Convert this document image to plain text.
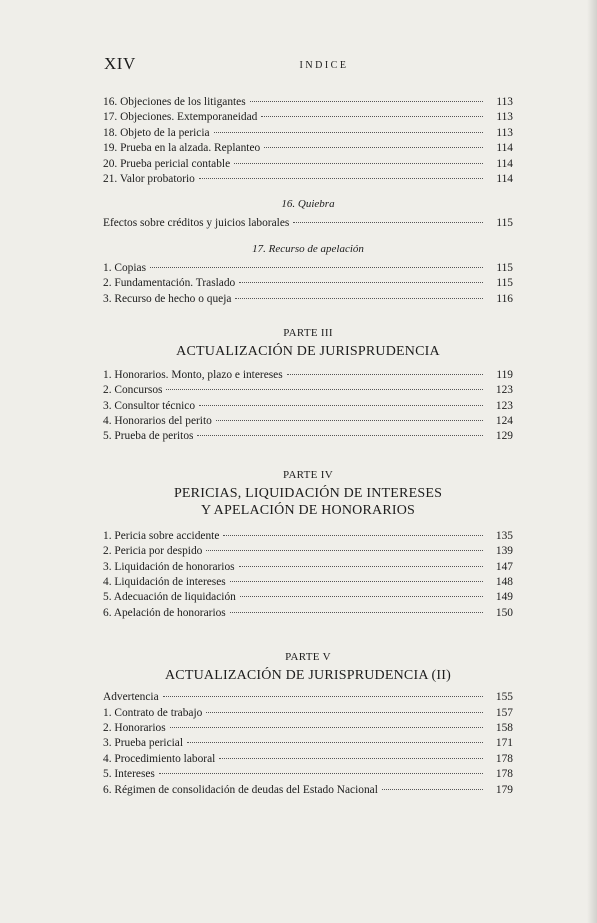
XIV	INDICE
16. Objeciones de los litigantes	113
17. Objeciones. Extemporaneidad	113
18. Objeto de la pericia	113
19. Prueba en la alzada. Replanteo	114
20. Prueba pericial contable	114
21. Valor probatorio	114
16. Quiebra
Efectos sobre créditos y juicios laborales	115
17. Recurso de apelación
1. Copias	115
2. Fundamentación. Traslado	115
3. Recurso de hecho o queja	116
PARTE III
ACTUALIZACIÓN DE JURISPRUDENCIA
1. Honorarios. Monto, plazo e intereses	119
2. Concursos	123
3. Consultor técnico	123
4. Honorarios del perito	124
5. Prueba de peritos	129
PARTE IV
PERICIAS, LIQUIDACIÓN DE INTERESES
Y APELACIÓN DE HONORARIOS
1. Pericia sobre accidente	135
2. Pericia por despido	139
3. Liquidación de honorarios	147
4. Liquidación de intereses	148
5. Adecuación de liquidación	149
6. Apelación de honorarios	150
PARTE V
ACTUALIZACIÓN DE JURISPRUDENCIA (II)
Advertencia	155
1. Contrato de trabajo	157
2. Honorarios	158
3. Prueba pericial	171
4. Procedimiento laboral	178
5. Intereses	178
6. Régimen de consolidación de deudas del Estado Nacional	179
